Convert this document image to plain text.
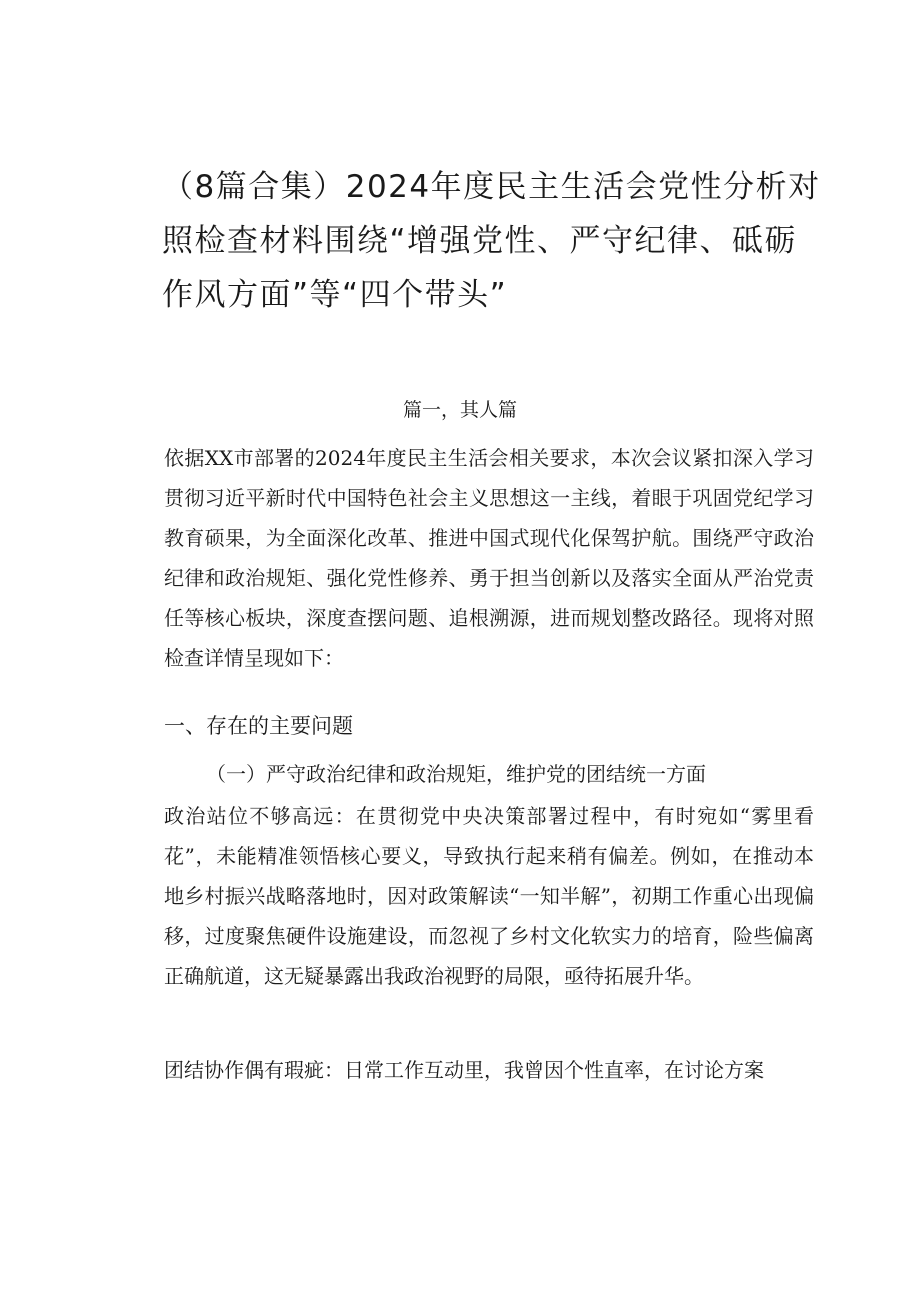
（8篇合集）2024年度民主生活会党性分析对照检查材料围绕“增强党性、严守纪律、砥砺作风方面”等“四个带头”
篇一，其人篇

依据XX市部署的2024年度民主生活会相关要求，本次会议紧扣深入学习贯彻习近平新时代中国特色社会主义思想这一主线，着眼于巩固党纪学习教育硕果，为全面深化改革、推进中国式现代化保驾护航。围绕严守政治纪律和政治规矩、强化党性修养、勇于担当创新以及落实全面从严治党责任等核心板块，深度查摆问题、追根溯源，进而规划整改路径。现将对照检查详情呈现如下：

一、存在的主要问题
（一）严守政治纪律和政治规矩，维护党的团结统一方面

政治站位不够高远：在贯彻党中央决策部署过程中，有时宛如“雾里看花”，未能精准领悟核心要义，导致执行起来稍有偏差。例如，在推动本地乡村振兴战略落地时，因对政策解读“一知半解”，初期工作重心出现偏移，过度聚焦硬件设施建设，而忽视了乡村文化软实力的培育，险些偏离正确航道，这无疑暴露出我政治视野的局限，亟待拓展升华。

团结协作偶有瑕疵：日常工作互动里，我曾因个性直率，在讨论方案
